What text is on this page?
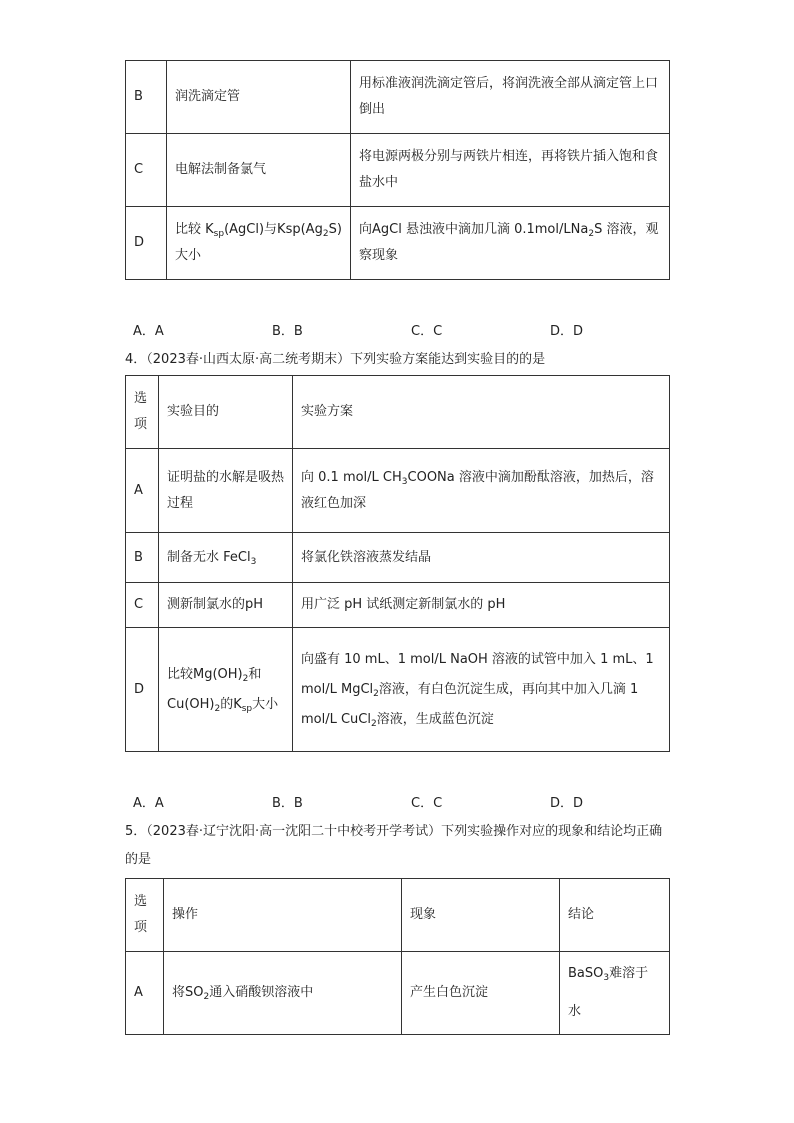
B	润洗滴定管	用标准液润洗滴定管后，将润洗液全部从滴定管上口倒出
C	电解法制备氯气	将电源两极分别与两铁片相连，再将铁片插入饱和食盐水中
D	比较 $K_{sp}(AgCl)$与$Ksp(Ag_2S)$大小	向AgCl 悬浊液中滴加几滴 0.1mol/LNa$_2$S 溶液，观察现象
A．A	B．B	C．C	D．D
4．（2023春·山西太原·高二统考期末）下列实验方案能达到实验目的的是
选项	实验目的	实验方案
A	证明盐的水解是吸热过程	向 0.1 mol/L $CH_3COONa$ 溶液中滴加酚酞溶液，加热后，溶液红色加深
B	制备无水 FeCl$_3$	将氯化铁溶液蒸发结晶
C	测新制氯水的pH	用广泛 pH 试纸测定新制氯水的 pH
D	比较$Mg(OH)_2$和$Cu(OH)_2$的$K_{sp}$大小	向盛有 10 mL、1 mol/L NaOH 溶液的试管中加入 1 mL、1 mol/L MgCl$_2$溶液，有白色沉淀生成，再向其中加入几滴 1 mol/L CuCl$_2$溶液，生成蓝色沉淀
A．A	B．B	C．C	D．D
5．（2023春·辽宁沈阳·高一沈阳二十中校考开学考试）下列实验操作对应的现象和结论均正确的是
选项	操作	现象	结论
A	将$SO_2$通入硝酸钡溶液中	产生白色沉淀	BaSO$_3$难溶于水
